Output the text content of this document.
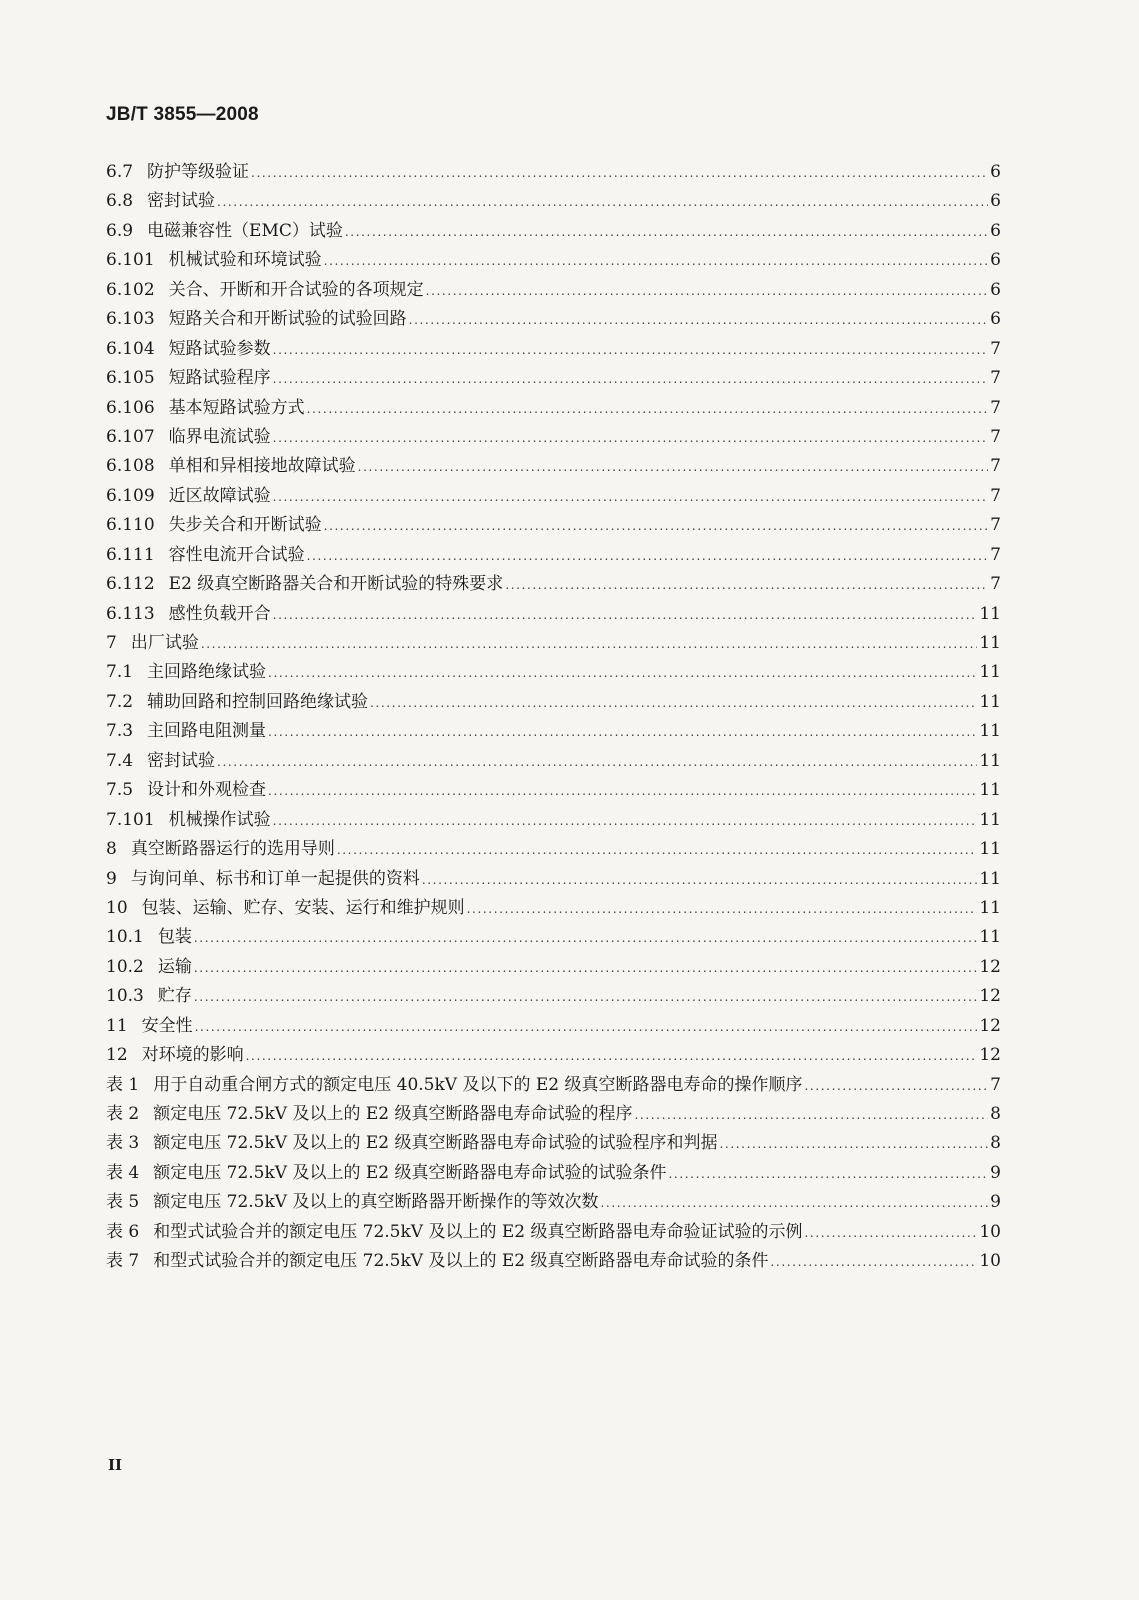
JB/T 3855—2008
6.7 防护等级验证 .....	6
6.8 密封试验 .....	6
6.9 电磁兼容性（EMC）试验 .....	6
6.101 机械试验和环境试验 .....	6
6.102 关合、开断和开合试验的各项规定 .....	6
6.103 短路关合和开断试验的试验回路 .....	6
6.104 短路试验参数 .....	7
6.105 短路试验程序 .....	7
6.106 基本短路试验方式 .....	7
6.107 临界电流试验 .....	7
6.108 单相和异相接地故障试验 .....	7
6.109 近区故障试验 .....	7
6.110 失步关合和开断试验 .....	7
6.111 容性电流开合试验 .....	7
6.112 E2 级真空断路器关合和开断试验的特殊要求 .....	7
6.113 感性负载开合 .....	11
7 出厂试验 .....	11
7.1 主回路绝缘试验 .....	11
7.2 辅助回路和控制回路绝缘试验 .....	11
7.3 主回路电阻测量 .....	11
7.4 密封试验 .....	11
7.5 设计和外观检查 .....	11
7.101 机械操作试验 .....	11
8 真空断路器运行的选用导则 .....	11
9 与询问单、标书和订单一起提供的资料 .....	11
10 包装、运输、贮存、安装、运行和维护规则 .....	11
10.1 包装 .....	11
10.2 运输 .....	12
10.3 贮存 .....	12
11 安全性 .....	12
12 对环境的影响 .....	12
表 1 用于自动重合闸方式的额定电压 40.5kV 及以下的 E2 级真空断路器电寿命的操作顺序 .....	7
表 2 额定电压 72.5kV 及以上的 E2 级真空断路器电寿命试验的程序 .....	8
表 3 额定电压 72.5kV 及以上的 E2 级真空断路器电寿命试验的试验程序和判据 .....	8
表 4 额定电压 72.5kV 及以上的 E2 级真空断路器电寿命试验的试验条件 .....	9
表 5 额定电压 72.5kV 及以上的真空断路器开断操作的等效次数 .....	9
表 6 和型式试验合并的额定电压 72.5kV 及以上的 E2 级真空断路器电寿命验证试验的示例 .....	10
表 7 和型式试验合并的额定电压 72.5kV 及以上的 E2 级真空断路器电寿命试验的条件 .....	10
II
